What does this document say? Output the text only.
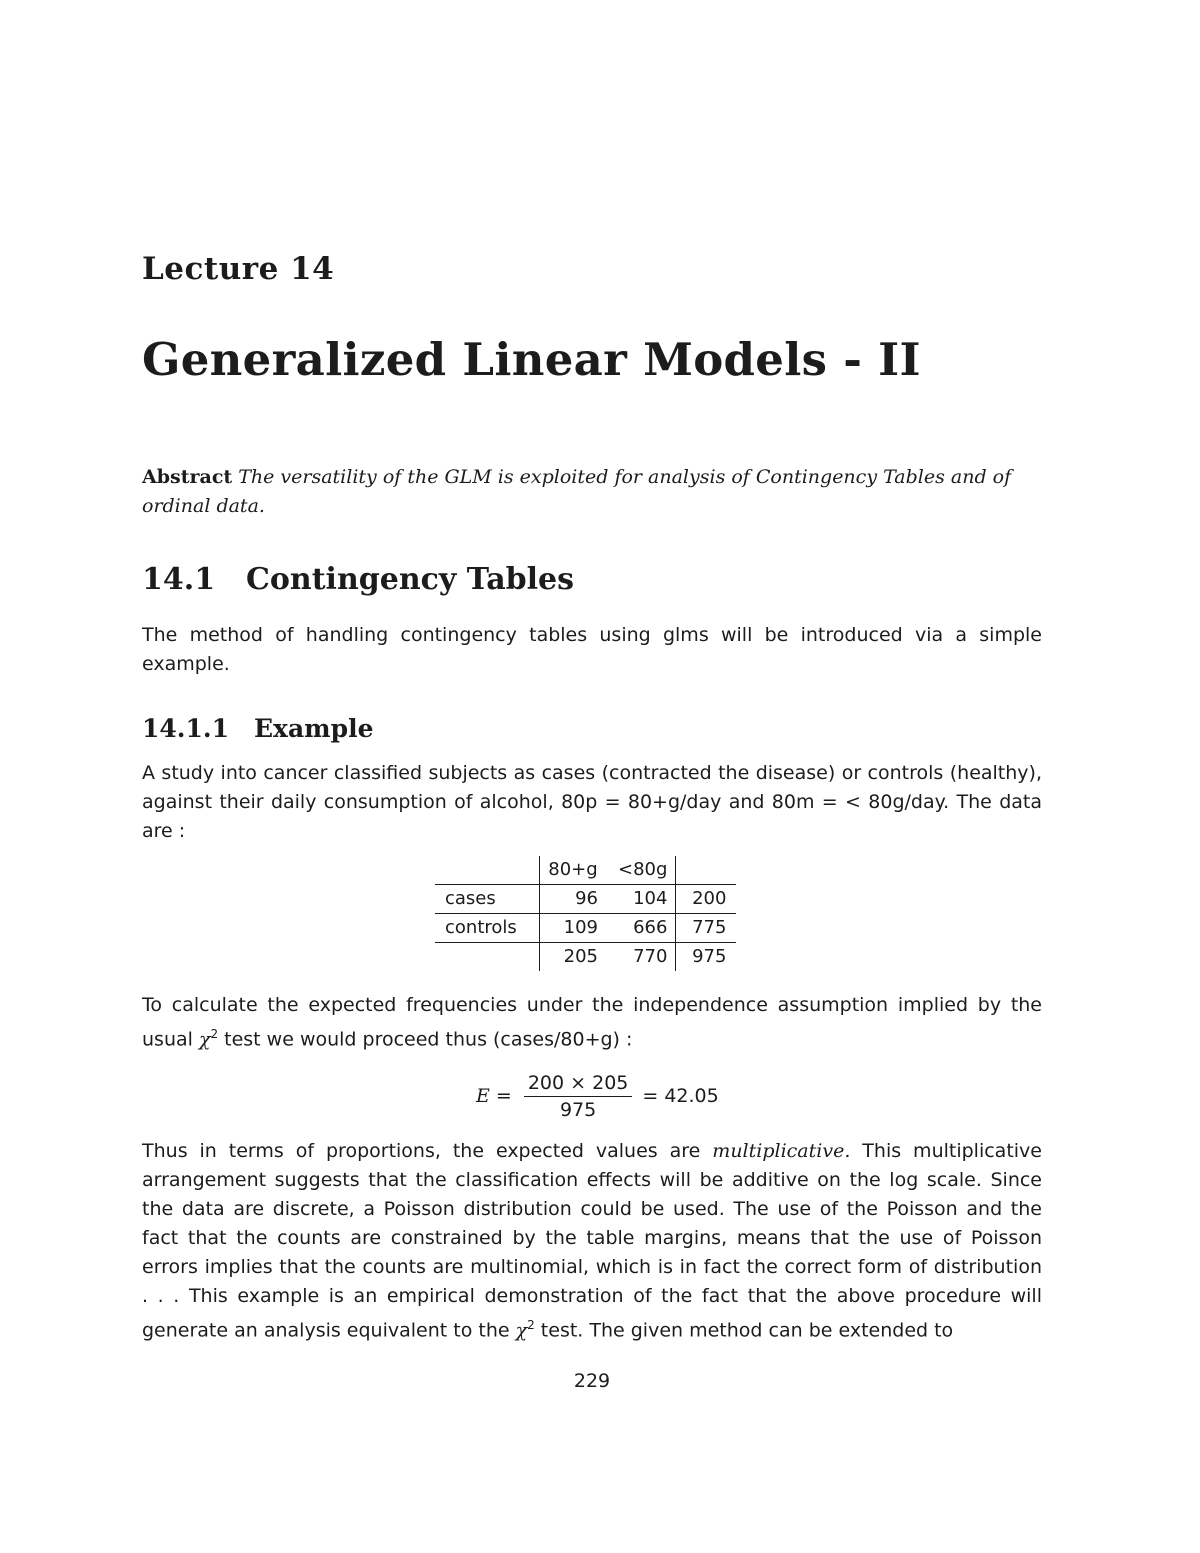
Lecture 14
Generalized Linear Models - II
Abstract The versatility of the GLM is exploited for analysis of Contingency Tables and of ordinal data.
14.1 Contingency Tables
The method of handling contingency tables using glms will be introduced via a simple example.
14.1.1 Example
A study into cancer classified subjects as cases (contracted the disease) or controls (healthy), against their daily consumption of alcohol, 80p = 80+g/day and 80m = < 80g/day. The data are :
	80+g	<80g	
cases	96	104	200
controls	109	666	775
	205	770	975
To calculate the expected frequencies under the independence assumption implied by the usual $\chi^2$ test we would proceed thus (cases/80+g) :
$E = \frac{200 \times 205}{975} = 42.05$
Thus in terms of proportions, the expected values are multiplicative. This multiplicative arrangement suggests that the classification effects will be additive on the log scale. Since the data are discrete, a Poisson distribution could be used. The use of the Poisson and the fact that the counts are constrained by the table margins, means that the use of Poisson errors implies that the counts are multinomial, which is in fact the correct form of distribution . . . This example is an empirical demonstration of the fact that the above procedure will generate an analysis equivalent to the $\chi^2$ test. The given method can be extended to
229
